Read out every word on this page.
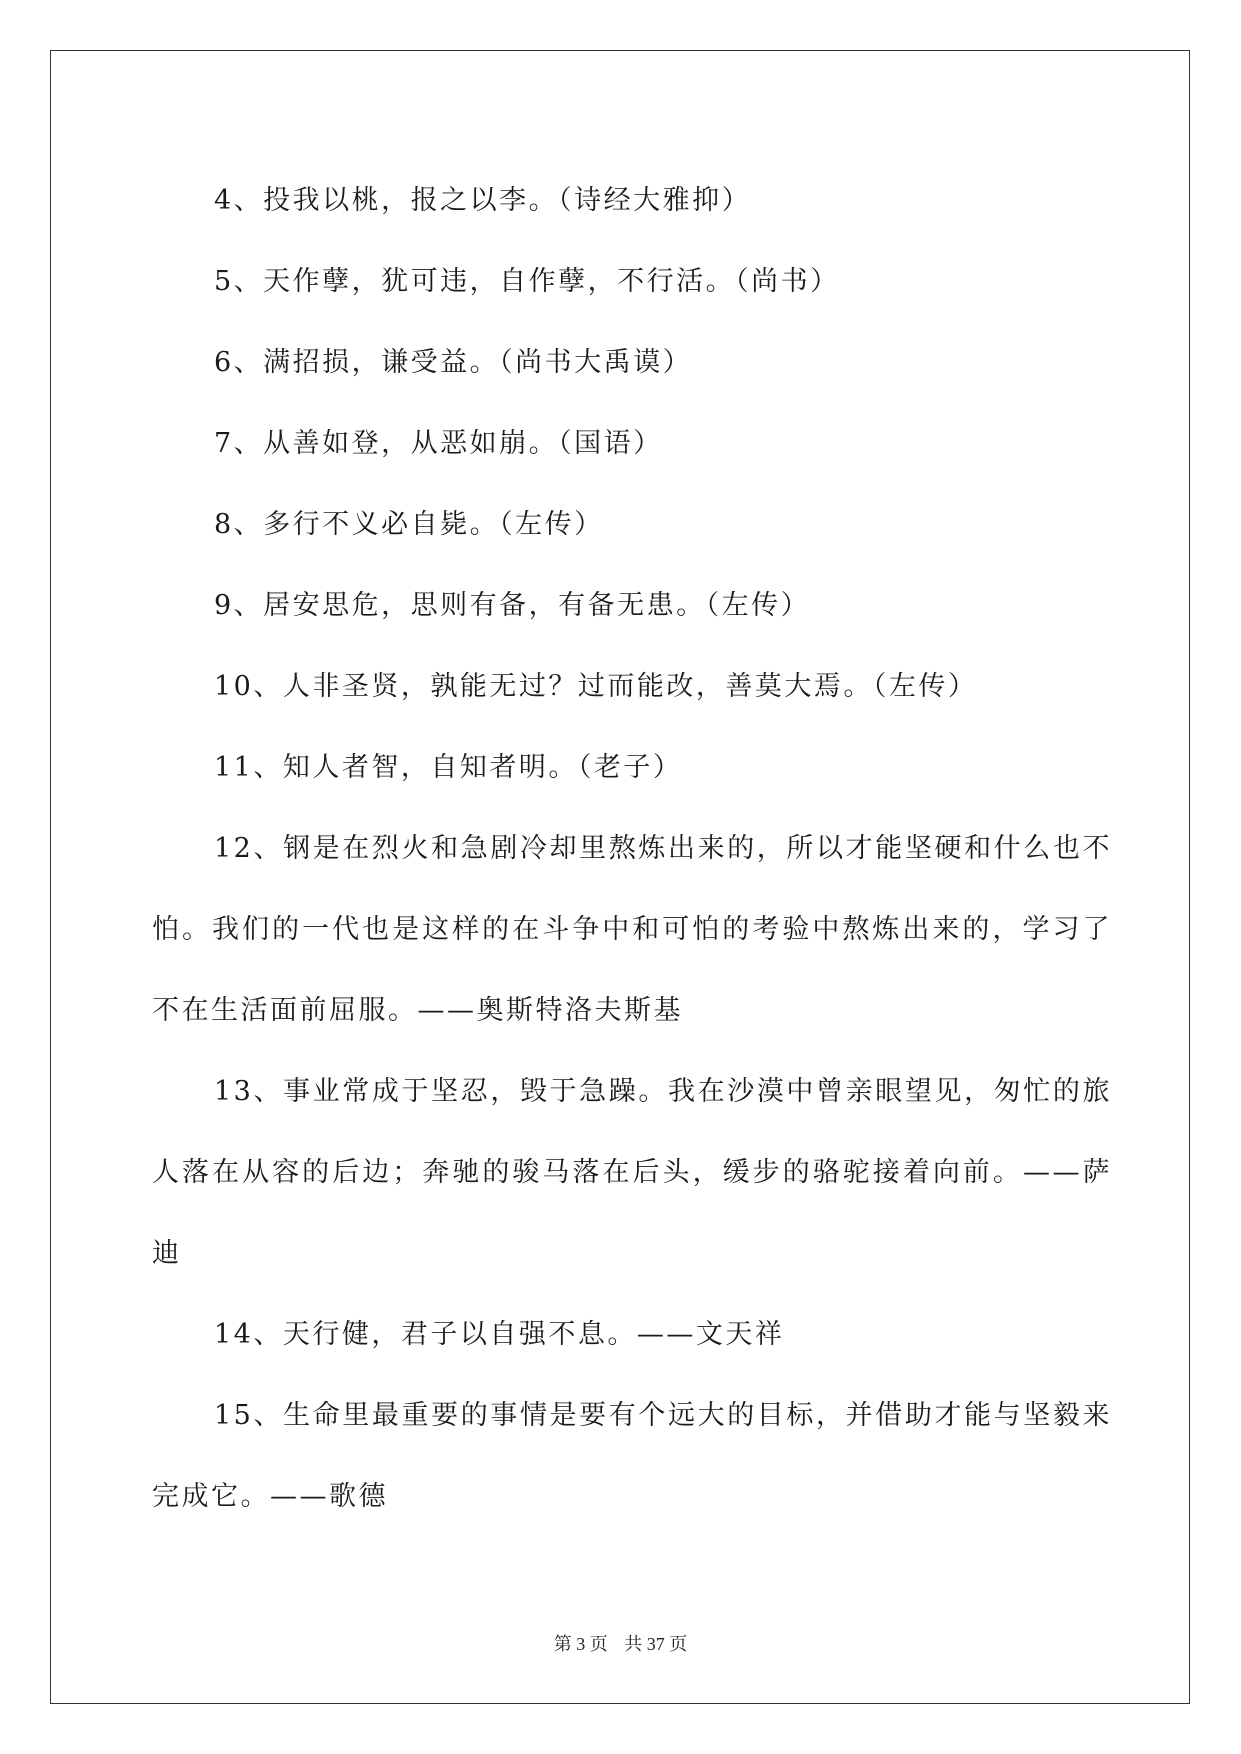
4、投我以桃，报之以李。（诗经大雅抑）

5、天作孽，犹可违，自作孽，不行活。（尚书）

6、满招损，谦受益。（尚书大禹谟）

7、从善如登，从恶如崩。（国语）

8、多行不义必自毙。（左传）

9、居安思危，思则有备，有备无患。（左传）

10、人非圣贤，孰能无过？过而能改，善莫大焉。（左传）

11、知人者智，自知者明。（老子）

12、钢是在烈火和急剧冷却里熬炼出来的，所以才能坚硬和什么也不怕。我们的一代也是这样的在斗争中和可怕的考验中熬炼出来的，学习了不在生活面前屈服。——奥斯特洛夫斯基

13、事业常成于坚忍，毁于急躁。我在沙漠中曾亲眼望见，匆忙的旅人落在从容的后边；奔驰的骏马落在后头，缓步的骆驼接着向前。——萨迪

14、天行健，君子以自强不息。——文天祥

15、生命里最重要的事情是要有个远大的目标，并借助才能与坚毅来完成它。——歌德

第 3 页 共 37 页
